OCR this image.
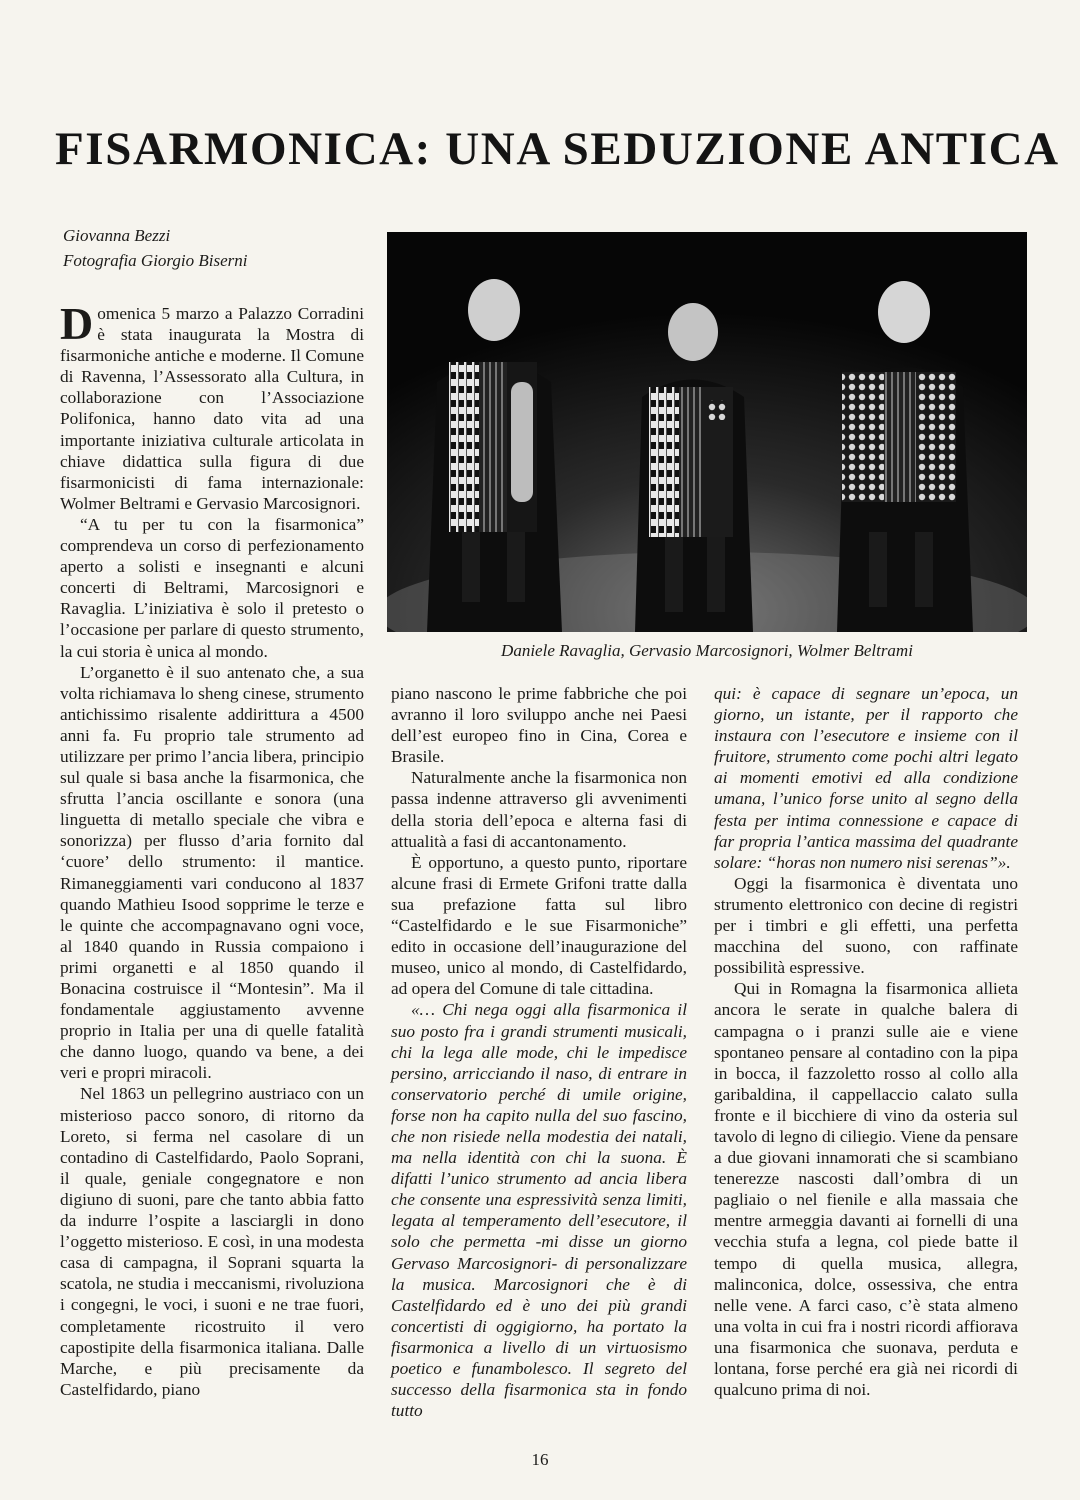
FISARMONICA: UNA SEDUZIONE ANTICA
Giovanna Bezzi
Fotografia Giorgio Biserni
Daniele Ravaglia, Gervasio Marcosignori, Wolmer Beltrami

Domenica 5 marzo a Palazzo Corradini è stata inaugurata la Mostra di fisarmoniche antiche e moderne. Il Comune di Ravenna, l’Assessorato alla Cultura, in collaborazione con l’Associazione Polifonica, hanno dato vita ad una importante iniziativa culturale articolata in chiave didattica sulla figura di due fisarmonicisti di fama internazionale: Wolmer Beltrami e Gervasio Marcosignori.

“A tu per tu con la fisarmonica” comprendeva un corso di perfezionamento aperto a solisti e insegnanti e alcuni concerti di Beltrami, Marcosignori e Ravaglia. L’iniziativa è solo il pretesto o l’occasione per parlare di questo strumento, la cui storia è unica al mondo.

L’organetto è il suo antenato che, a sua volta richiamava lo sheng cinese, strumento antichissimo risalente addirittura a 4500 anni fa. Fu proprio tale strumento ad utilizzare per primo l’ancia libera, principio sul quale si basa anche la fisarmonica, che sfrutta l’ancia oscillante e sonora (una linguetta di metallo speciale che vibra e sonorizza) per flusso d’aria fornito dal ‘cuore’ dello strumento: il mantice. Rimaneggiamenti vari conducono al 1837 quando Mathieu Isood sopprime le terze e le quinte che accompagnavano ogni voce, al 1840 quando in Russia compaiono i primi organetti e al 1850 quando il Bonacina costruisce il “Montesin”. Ma il fondamentale aggiustamento avvenne proprio in Italia per una di quelle fatalità che danno luogo, quando va bene, a dei veri e propri miracoli.

Nel 1863 un pellegrino austriaco con un misterioso pacco sonoro, di ritorno da Loreto, si ferma nel casolare di un contadino di Castelfidardo, Paolo Soprani, il quale, geniale congegnatore e non digiuno di suoni, pare che tanto abbia fatto da indurre l’ospite a lasciargli in dono l’oggetto misterioso. E così, in una modesta casa di campagna, il Soprani squarta la scatola, ne studia i meccanismi, rivoluziona i congegni, le voci, i suoni e ne trae fuori, completamente ricostruito il vero capostipite della fisarmonica italiana. Dalle Marche, e più precisamente da Castelfidardo, piano

piano nascono le prime fabbriche che poi avranno il loro sviluppo anche nei Paesi dell’est europeo fino in Cina, Corea e Brasile.

Naturalmente anche la fisarmonica non passa indenne attraverso gli avvenimenti della storia dell’epoca e alterna fasi di attualità a fasi di accantonamento.

È opportuno, a questo punto, riportare alcune frasi di Ermete Grifoni tratte dalla sua prefazione fatta sul libro “Castelfidardo e le sue Fisarmoniche” edito in occasione dell’inaugurazione del museo, unico al mondo, di Castelfidardo, ad opera del Comune di tale cittadina.

«… Chi nega oggi alla fisarmonica il suo posto fra i grandi strumenti musicali, chi la lega alle mode, chi le impedisce persino, arricciando il naso, di entrare in conservatorio perché di umile origine, forse non ha capito nulla del suo fascino, che non risiede nella modestia dei natali, ma nella identità con chi la suona. È difatti l’unico strumento ad ancia libera che consente una espressività senza limiti, legata al temperamento dell’esecutore, il solo che permetta -mi disse un giorno Gervaso Marcosignori- di personalizzare la musica. Marcosignori che è di Castelfidardo ed è uno dei più grandi concertisti di oggigiorno, ha portato la fisarmonica a livello di un virtuosismo poetico e funambolesco. Il segreto del successo della fisarmonica sta in fondo tutto

qui: è capace di segnare un’epoca, un giorno, un istante, per il rapporto che instaura con l’esecutore e insieme con il fruitore, strumento come pochi altri legato ai momenti emotivi ed alla condizione umana, l’unico forse unito al segno della festa per intima connessione e capace di far propria l’antica massima del quadrante solare: “horas non numero nisi serenas”».

Oggi la fisarmonica è diventata uno strumento elettronico con decine di registri per i timbri e gli effetti, una perfetta macchina del suono, con raffinate possibilità espressive.

Qui in Romagna la fisarmonica allieta ancora le serate in qualche balera di campagna o i pranzi sulle aie e viene spontaneo pensare al contadino con la pipa in bocca, il fazzoletto rosso al collo alla garibaldina, il cappellaccio calato sulla fronte e il bicchiere di vino da osteria sul tavolo di legno di ciliegio. Viene da pensare a due giovani innamorati che si scambiano tenerezze nascosti dall’ombra di un pagliaio o nel fienile e alla massaia che mentre armeggia davanti ai fornelli di una vecchia stufa a legna, col piede batte il tempo di quella musica, allegra, malinconica, dolce, ossessiva, che entra nelle vene. A farci caso, c’è stata almeno una volta in cui fra i nostri ricordi affiorava una fisarmonica che suonava, perduta e lontana, forse perché era già nei ricordi di qualcuno prima di noi.

16
